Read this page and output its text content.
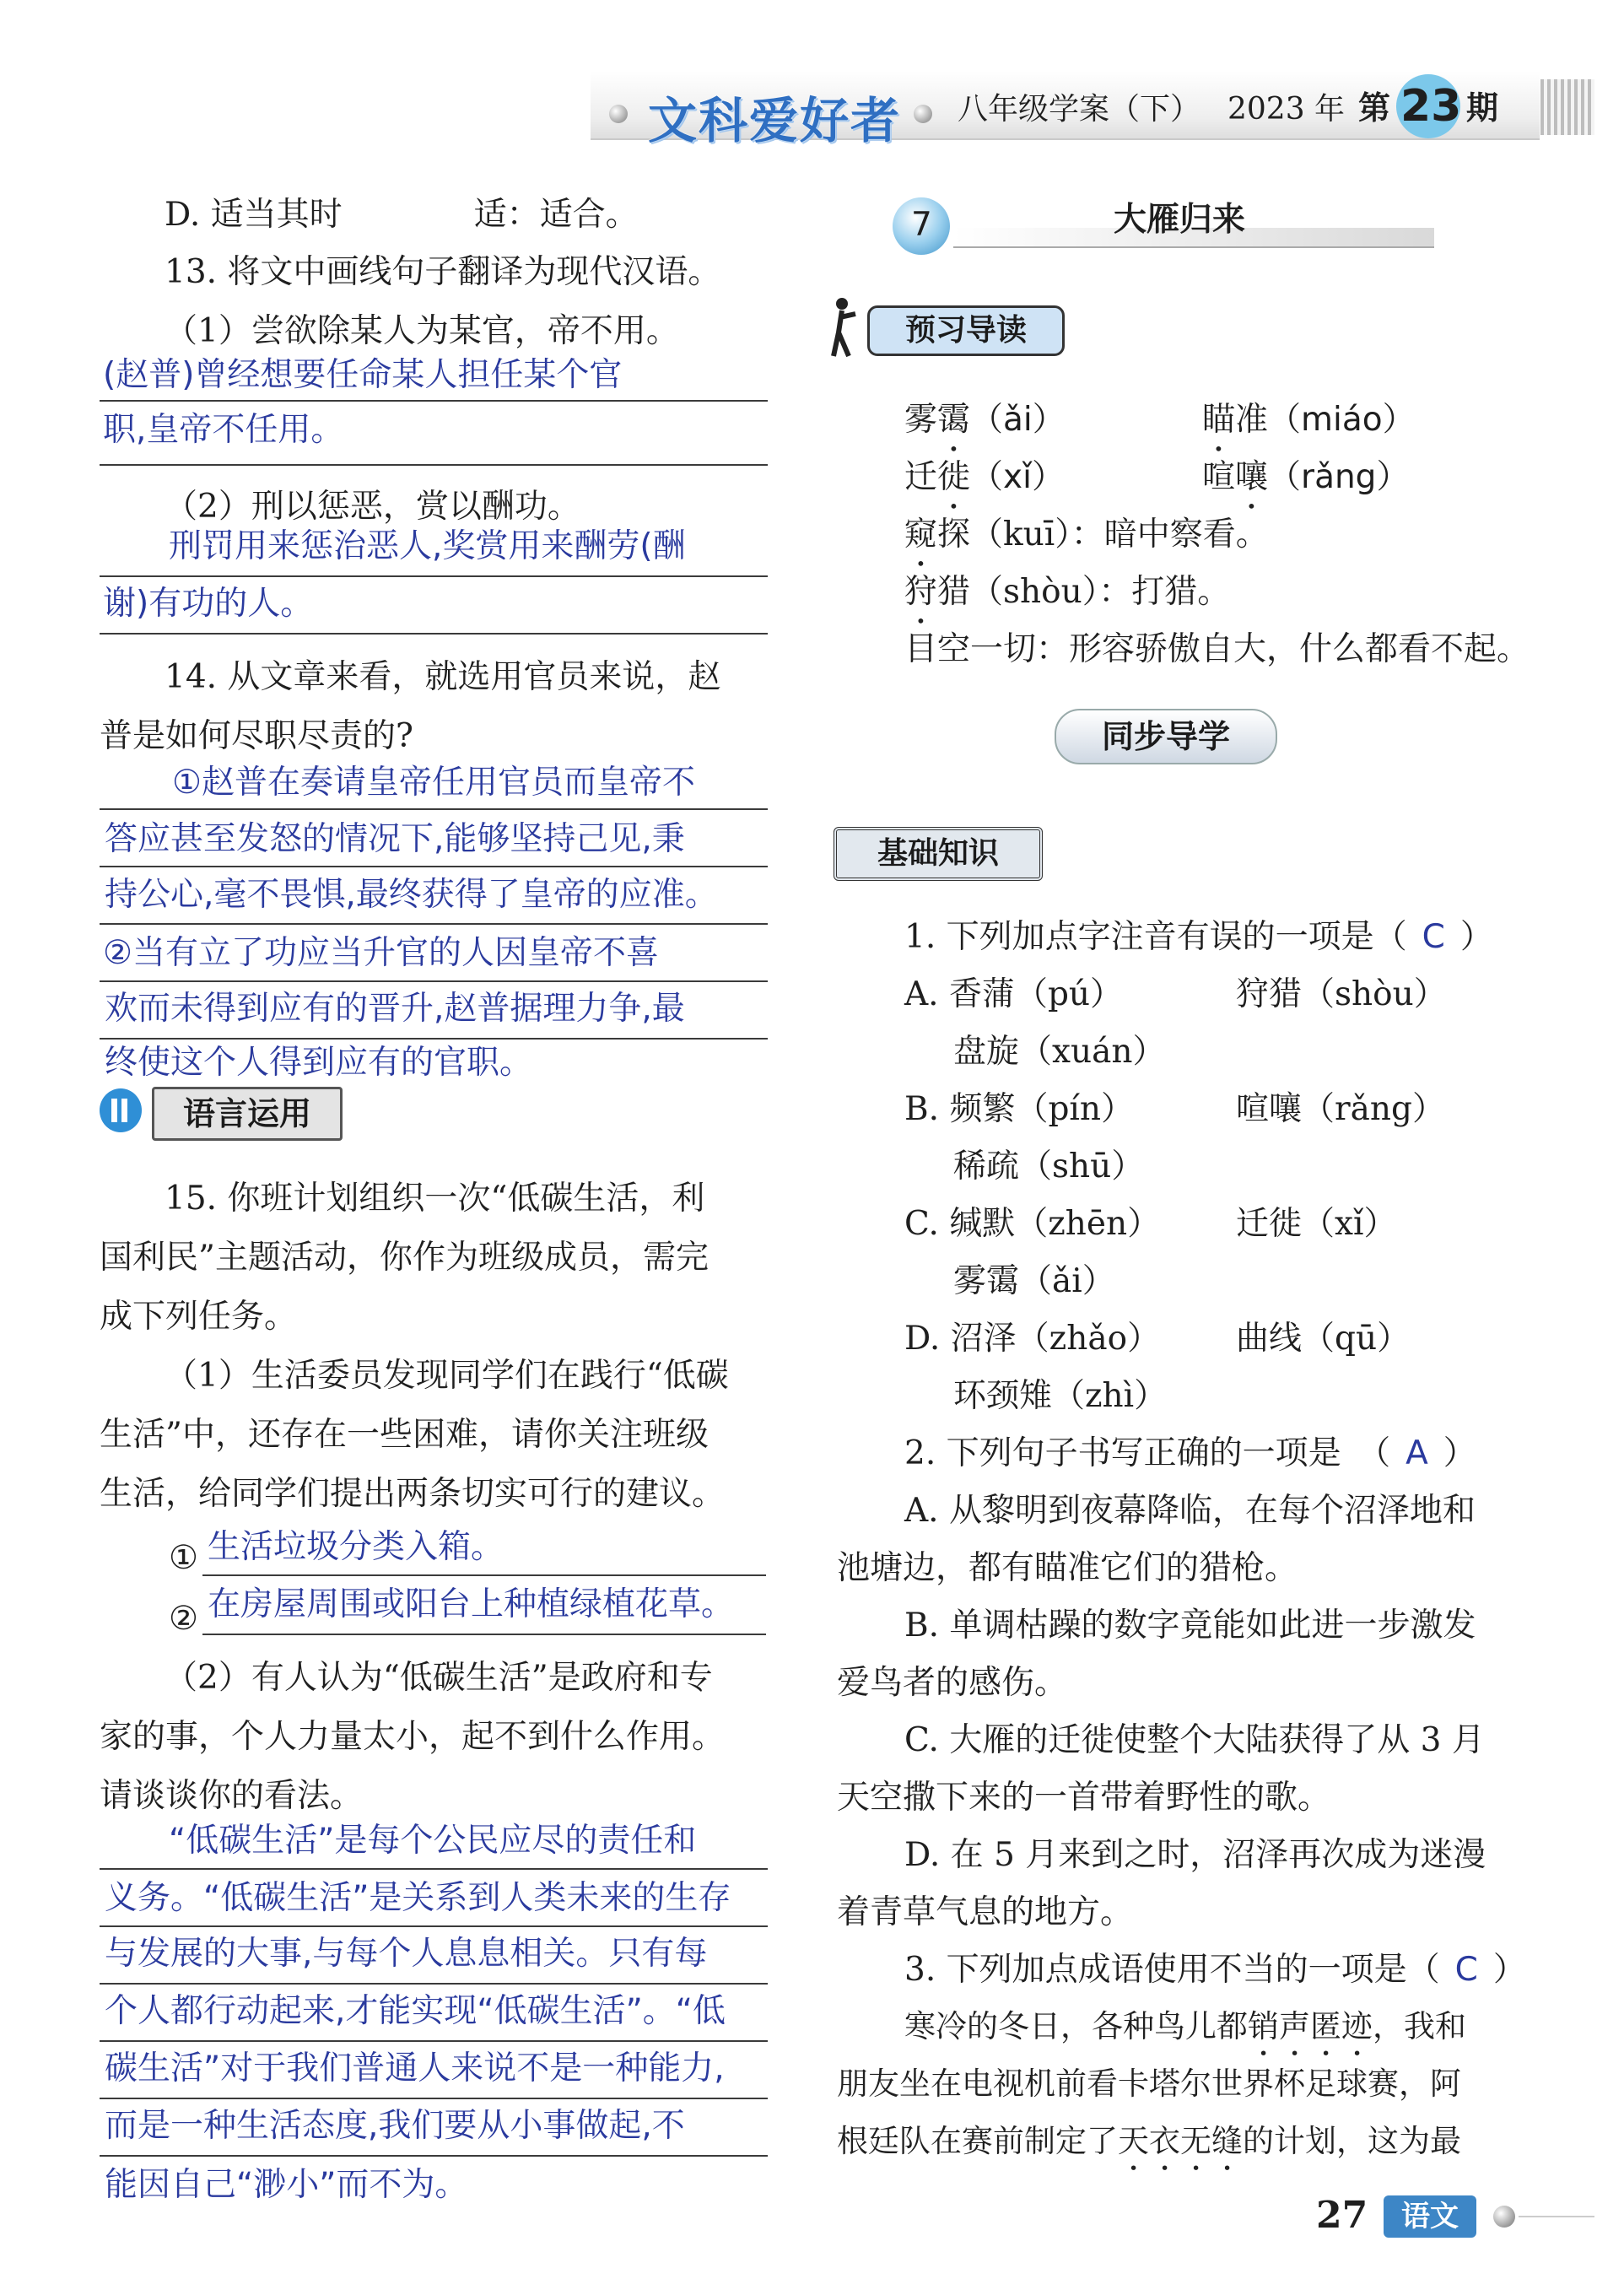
文科爱好者 八年级学案（下） 2023 年 第 23 期
D. 适当其时　　　　适：适合。
13. 将文中画线句子翻译为现代汉语。
（1）尝欲除某人为某官，帝不用。
(赵普)曾经想要任命某人担任某个官
职,皇帝不任用。
（2）刑以惩恶，赏以酬功。
刑罚用来惩治恶人,奖赏用来酬劳(酬
谢)有功的人。
14. 从文章来看，就选用官员来说，赵
普是如何尽职尽责的?
①赵普在奏请皇帝任用官员而皇帝不
答应甚至发怒的情况下,能够坚持己见,秉
持公心,毫不畏惧,最终获得了皇帝的应准。
②当有立了功应当升官的人因皇帝不喜
欢而未得到应有的晋升,赵普据理力争,最
终使这个人得到应有的官职。
语言运用
15. 你班计划组织一次“低碳生活，利
国利民”主题活动，你作为班级成员，需完
成下列任务。
（1）生活委员发现同学们在践行“低碳
生活”中，还存在一些困难，请你关注班级
生活，给同学们提出两条切实可行的建议。
① 生活垃圾分类入箱。
② 在房屋周围或阳台上种植绿植花草。
（2）有人认为“低碳生活”是政府和专
家的事，个人力量太小，起不到什么作用。
请谈谈你的看法。
“低碳生活”是每个公民应尽的责任和
义务。“低碳生活”是关系到人类未来的生存
与发展的大事,与每个人息息相关。只有每
个人都行动起来,才能实现“低碳生活”。“低
碳生活”对于我们普通人来说不是一种能力,
而是一种生活态度,我们要从小事做起,不
能因自己“渺小”而不为。
7	大雁归来
预习导读
雾霭（ǎi）	瞄准（miáo）
迁徙（xǐ）	喧嚷（rǎng）
窥探（kuī）：暗中察看。
狩猎（shòu）：打猎。
目空一切：形容骄傲自大，什么都看不起。
同步导学
基础知识
1. 下列加点字注音有误的一项是（ C ）
A. 香蒲（pú）	狩猎（shòu）
盘旋（xuán）
B. 频繁（pín）	喧嚷（rǎng）
稀疏（shū）
C. 缄默（zhēn） 迁徙（xǐ）
雾霭（ǎi）
D. 沼泽（zhǎo） 曲线（qū）
环颈雉（zhì）
2. 下列句子书写正确的一项是　（ A ）
A. 从黎明到夜幕降临，在每个沼泽地和
池塘边，都有瞄准它们的猎枪。
B. 单调枯躁的数字竟能如此进一步激发
爱鸟者的感伤。
C. 大雁的迁徙使整个大陆获得了从 3 月
天空撒下来的一首带着野性的歌。
D. 在 5 月来到之时，沼泽再次成为迷漫
着青草气息的地方。
3. 下列加点成语使用不当的一项是（ C ）
寒冷的冬日，各种鸟儿都销声匿迹，我和
朋友坐在电视机前看卡塔尔世界杯足球赛，阿
根廷队在赛前制定了天衣无缝的计划，这为最
27	语文
